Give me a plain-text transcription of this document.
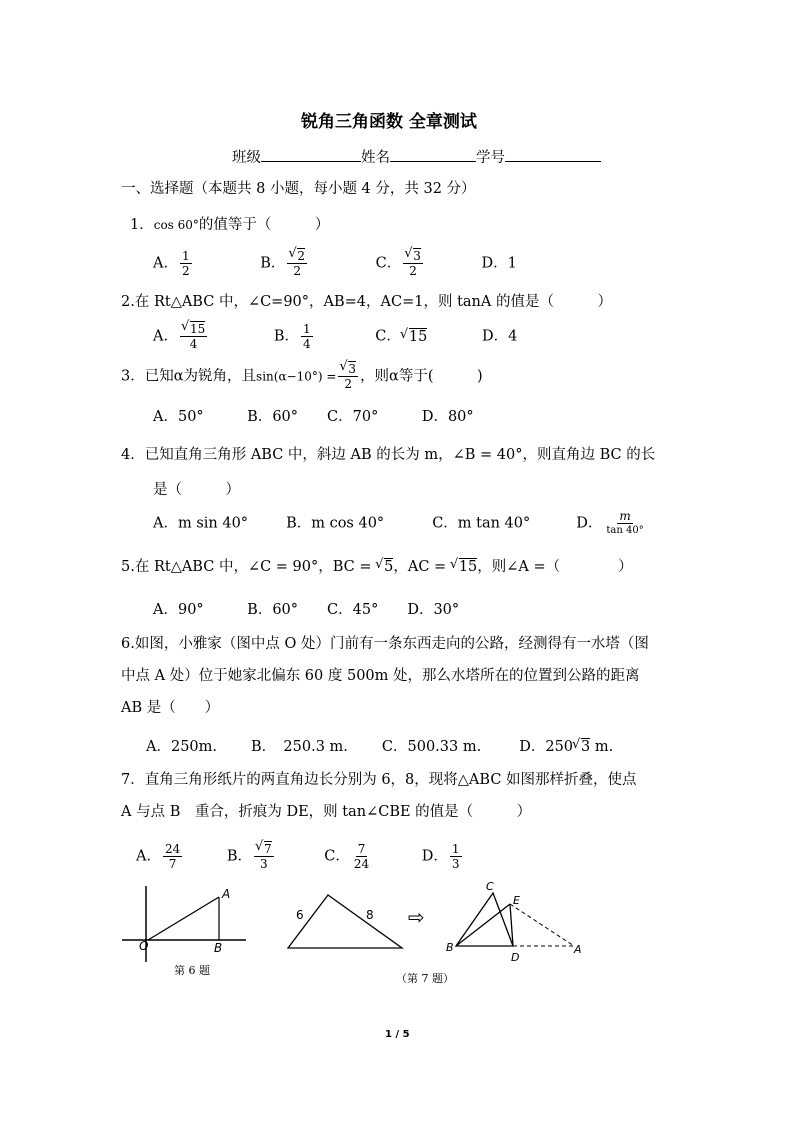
锐角三角函数 全章测试
班级	姓名	学号
一、选择题（本题共 8 小题，每小题 4 分，共 32 分）
1．cos 60°的值等于（　　　）
A． $\frac{1}{2}$	B． √ $\frac{2}{2}$	C． √ $\frac{3}{2}$	D．1
2.在 Rt△ABC 中，∠C=90°，AB=4，AC=1，则 tanA 的值是（　　　）
A． √ $\frac{15}{4}$	B． $\frac{1}{4}$	C． √ 15	D．4
3．已知α为锐角，且sin(α−10°) = √ $\frac{3}{2}$ ，则α等于(　　　)
A．50°　　　B．60°　　C．70°　　　D．80°
4．已知直角三角形 ABC 中，斜边 AB 的长为 m，∠B = 40°，则直角边 BC 的长
是（　　　）
A．m sin 40°	B．m cos 40°	C．m tan 40°	D． $\frac{m}{\tan 40^\circ}$
5.在 Rt△ABC 中，∠C = 90°，BC = √ 5，AC = √ 15，则∠A =（　　　　）
A．90°　　　B．60°　　C．45°　　D．30°
6.如图，小雅家（图中点 O 处）门前有一条东西走向的公路，经测得有一水塔（图
中点 A 处）位于她家北偏东 60 度 500m 处，那么水塔所在的位置到公路的距离
AB 是（　　）
A．250m. B．　250.3 m. C．500.33 m.	D．250 √ 3 m.
7．直角三角形纸片的两直角边长分别为 6，8，现将△ABC 如图那样折叠，使点
A 与点 B　重合，折痕为 DE，则 tan∠CBE 的值是（　　　）
A． $\frac{24}{7}$	B． √ $\frac{7}{3}$	C． $\frac{7}{24}$	D． $\frac{1}{3}$
A
O	B
第 6 题
6	8 ⇨
C
E
B
D
A
（第 7 题）
1 / 5
